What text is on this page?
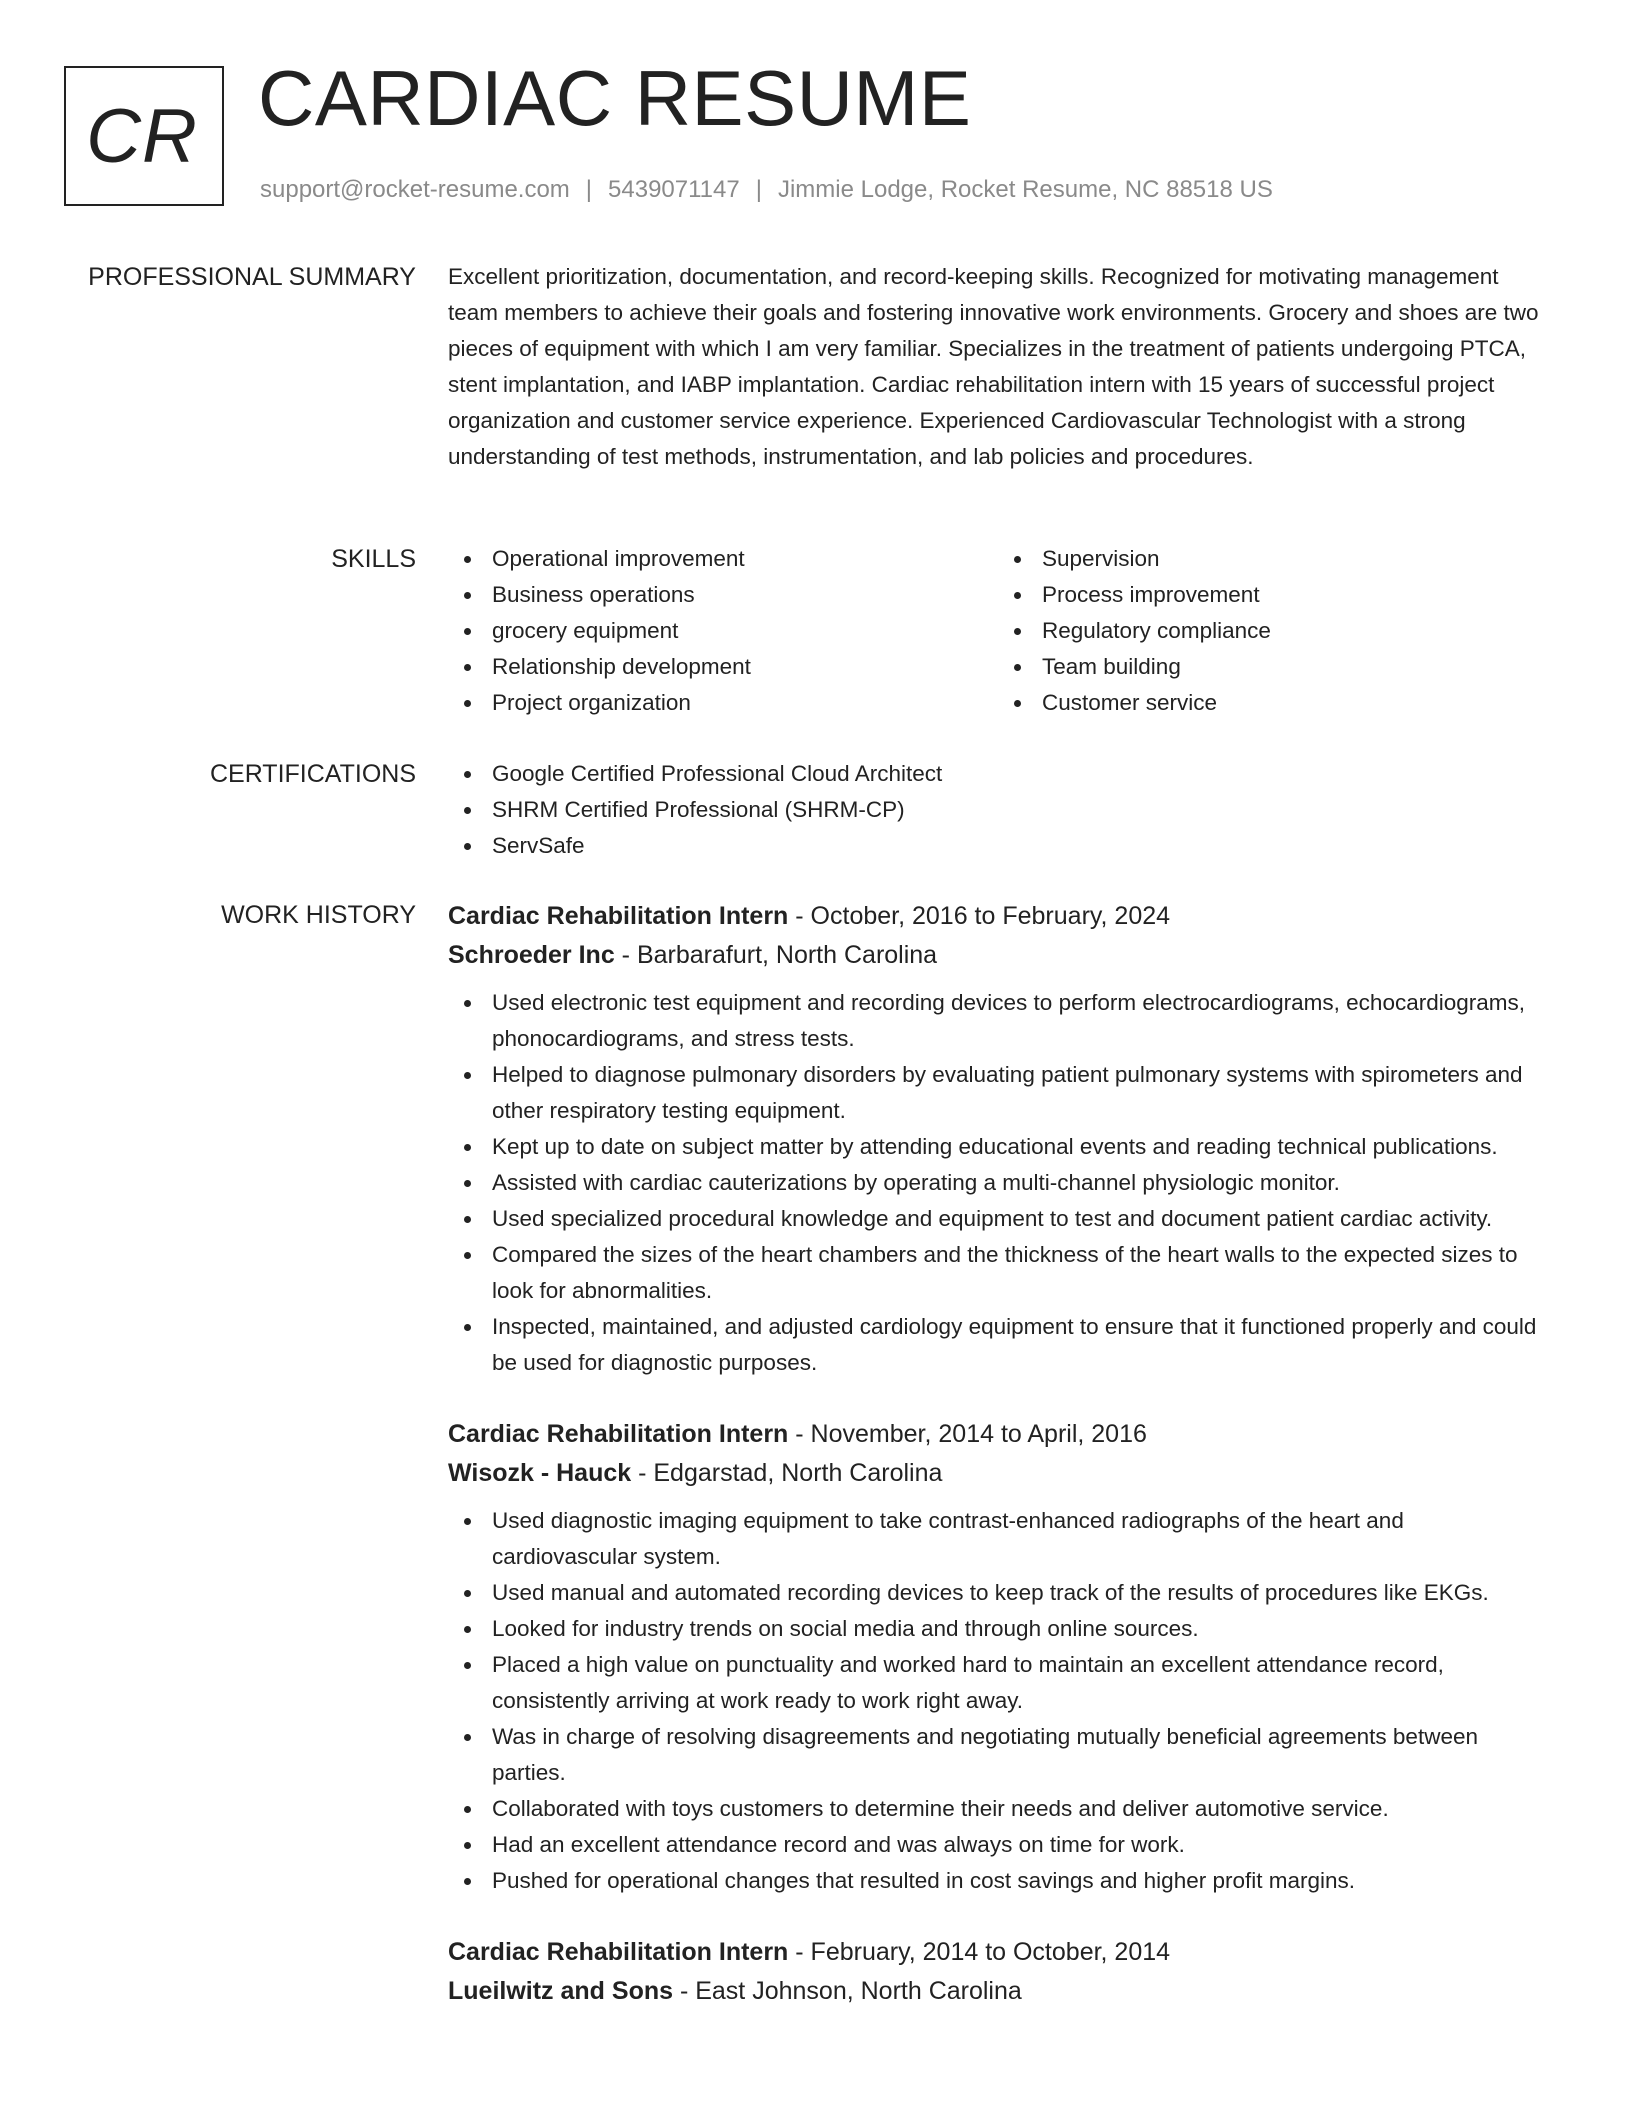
CR CARDIAC RESUME
support@rocket-resume.com | 5439071147 | Jimmie Lodge, Rocket Resume, NC 88518 US
PROFESSIONAL SUMMARY Excellent prioritization, documentation, and record-keeping skills. Recognized for motivating management team members to achieve their goals and fostering innovative work environments. Grocery and shoes are two pieces of equipment with which I am very familiar. Specializes in the treatment of patients undergoing PTCA, stent implantation, and IABP implantation. Cardiac rehabilitation intern with 15 years of successful project organization and customer service experience. Experienced Cardiovascular Technologist with a strong understanding of test methods, instrumentation, and lab policies and procedures.

SKILLS	Operational improvement
Business operations
grocery equipment
Relationship development
Project organization
Supervision
Process improvement
Regulatory compliance
Team building
Customer service
CERTIFICATIONS	Google Certified Professional Cloud Architect
SHRM Certified Professional (SHRM-CP)
ServSafe
WORK HISTORY Cardiac Rehabilitation Intern - October, 2016 to February, 2024
Schroeder Inc - Barbarafurt, North Carolina
Used electronic test equipment and recording devices to perform electrocardiograms, echocardiograms, phonocardiograms, and stress tests.
Helped to diagnose pulmonary disorders by evaluating patient pulmonary systems with spirometers and other respiratory testing equipment.
Kept up to date on subject matter by attending educational events and reading technical publications.
Assisted with cardiac cauterizations by operating a multi-channel physiologic monitor.
Used specialized procedural knowledge and equipment to test and document patient cardiac activity.
Compared the sizes of the heart chambers and the thickness of the heart walls to the expected sizes to look for abnormalities.
Inspected, maintained, and adjusted cardiology equipment to ensure that it functioned properly and could be used for diagnostic purposes.
Cardiac Rehabilitation Intern - November, 2014 to April, 2016
Wisozk - Hauck - Edgarstad, North Carolina
Used diagnostic imaging equipment to take contrast-enhanced radiographs of the heart and cardiovascular system.
Used manual and automated recording devices to keep track of the results of procedures like EKGs.
Looked for industry trends on social media and through online sources.
Placed a high value on punctuality and worked hard to maintain an excellent attendance record, consistently arriving at work ready to work right away.
Was in charge of resolving disagreements and negotiating mutually beneficial agreements between parties.
Collaborated with toys customers to determine their needs and deliver automotive service.
Had an excellent attendance record and was always on time for work.
Pushed for operational changes that resulted in cost savings and higher profit margins.
Cardiac Rehabilitation Intern - February, 2014 to October, 2014
Lueilwitz and Sons - East Johnson, North Carolina
